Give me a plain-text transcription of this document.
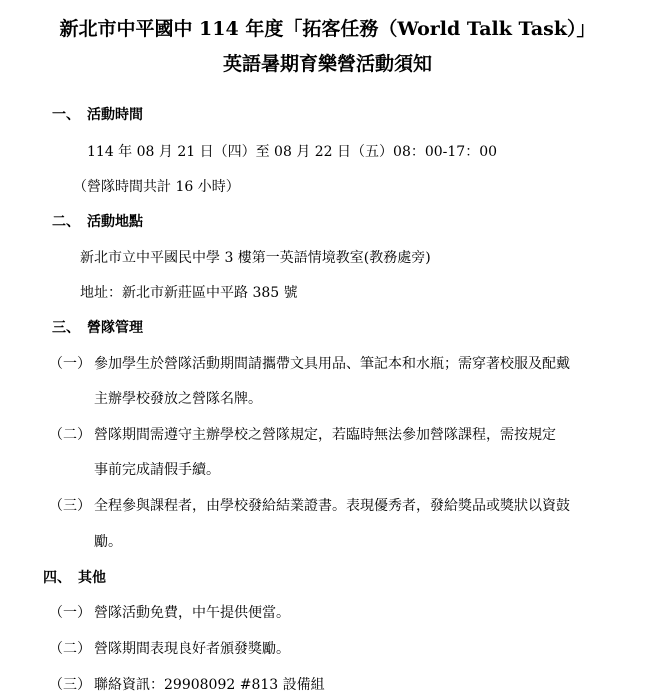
新北市中平國中 114 年度「拓客任務（World Talk Task）」
英語暑期育樂營活動須知
一、 活動時間
114 年 08 月 21 日（四）至 08 月 22 日（五）08：00-17：00
（營隊時間共計 16 小時）
二、 活動地點
新北市立中平國民中學 3 樓第一英語情境教室(教務處旁)
地址：新北市新莊區中平路 385 號
三、 營隊管理
（一） 參加學生於營隊活動期間請攜帶文具用品、筆記本和水瓶；需穿著校服及配戴
主辦學校發放之營隊名牌。
（二） 營隊期間需遵守主辦學校之營隊規定，若臨時無法參加營隊課程，需按規定
事前完成請假手續。
（三） 全程參與課程者，由學校發給結業證書。表現優秀者，發給獎品或獎狀以資鼓
勵。
四、 其他
（一） 營隊活動免費，中午提供便當。
（二） 營隊期間表現良好者頒發獎勵。
（三） 聯絡資訊：29908092 #813 設備組
